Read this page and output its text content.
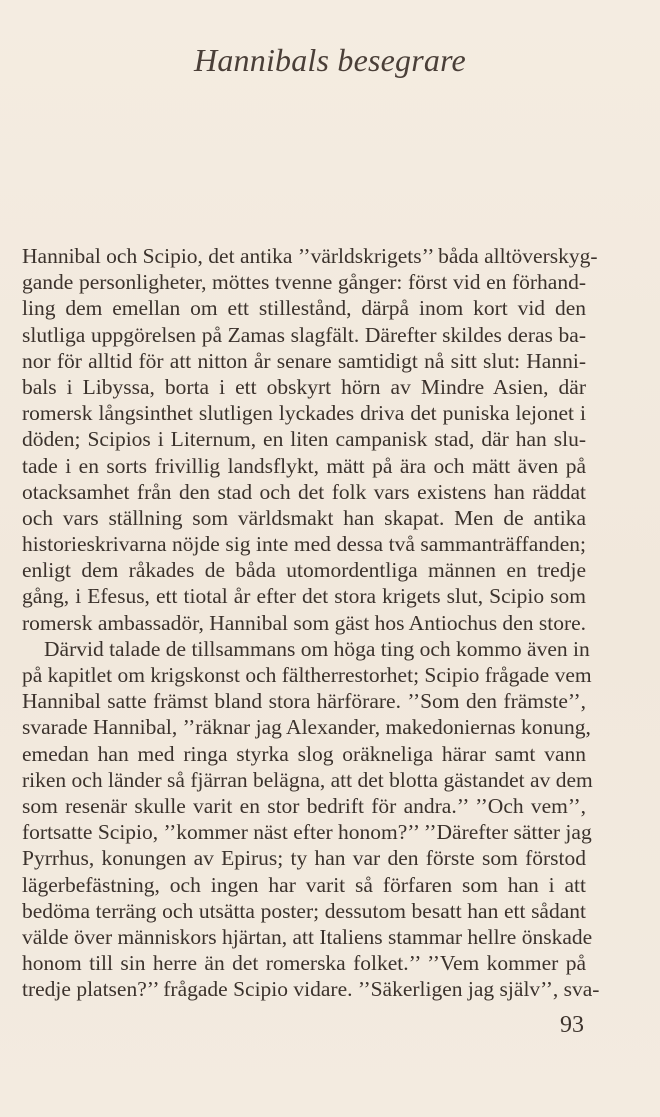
Hannibals besegrare
Hannibal och Scipio, det antika ’’världskrigets’’ båda alltöverskyg-
gande personligheter, möttes tvenne gånger: först vid en förhand-
ling dem emellan om ett stillestånd, därpå inom kort vid den
slutliga uppgörelsen på Zamas slagfält. Därefter skildes deras ba-
nor för alltid för att nitton år senare samtidigt nå sitt slut: Hanni-
bals i Libyssa, borta i ett obskyrt hörn av Mindre Asien, där
romersk långsinthet slutligen lyckades driva det puniska lejonet i
döden; Scipios i Liternum, en liten campanisk stad, där han slu-
tade i en sorts frivillig landsflykt, mätt på ära och mätt även på
otacksamhet från den stad och det folk vars existens han räddat
och vars ställning som världsmakt han skapat. Men de antika
historieskrivarna nöjde sig inte med dessa två sammanträffanden;
enligt dem råkades de båda utomordentliga männen en tredje
gång, i Efesus, ett tiotal år efter det stora krigets slut, Scipio som
romersk ambassadör, Hannibal som gäst hos Antiochus den store.
Därvid talade de tillsammans om höga ting och kommo även in
på kapitlet om krigskonst och fältherrestorhet; Scipio frågade vem
Hannibal satte främst bland stora härförare. ’’Som den främste’’,
svarade Hannibal, ’’räknar jag Alexander, makedoniernas konung,
emedan han med ringa styrka slog oräkneliga härar samt vann
riken och länder så fjärran belägna, att det blotta gästandet av dem
som resenär skulle varit en stor bedrift för andra.’’ ’’Och vem’’,
fortsatte Scipio, ’’kommer näst efter honom?’’ ’’Därefter sätter jag
Pyrrhus, konungen av Epirus; ty han var den förste som förstod
lägerbefästning, och ingen har varit så förfaren som han i att
bedöma terräng och utsätta poster; dessutom besatt han ett sådant
välde över människors hjärtan, att Italiens stammar hellre önskade
honom till sin herre än det romerska folket.’’ ’’Vem kommer på
tredje platsen?’’ frågade Scipio vidare. ’’Säkerligen jag själv’’, sva-
93
